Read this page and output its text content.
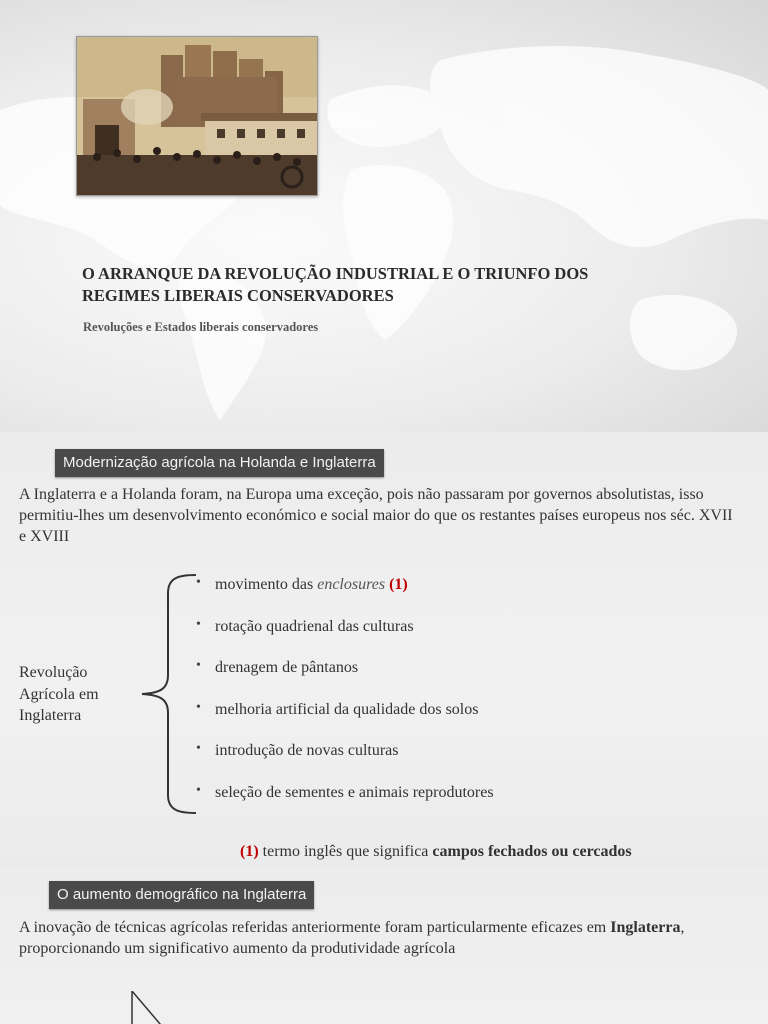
O ARRANQUE DA REVOLUÇÃO INDUSTRIAL E O TRIUNFO DOS
REGIMES LIBERAIS CONSERVADORES
Revoluções e Estados liberais conservadores
Modernização agrícola na Holanda e Inglaterra

A Inglaterra e a Holanda foram, na Europa uma exceção, pois não passaram por governos absolutistas, isso permitiu-lhes um desenvolvimento económico e social maior do que os restantes países europeus nos séc. XVII e XVIII

Revolução
Agrícola em
Inglaterra
• movimento das enclosures (1)
• rotação quadrienal das culturas
• drenagem de pântanos
• melhoria artificial da qualidade dos solos
• introdução de novas culturas
• seleção de sementes e animais reprodutores
(1) termo inglês que significa campos fechados ou cercados
O aumento demográfico na Inglaterra

A inovação de técnicas agrícolas referidas anteriormente foram particularmente eficazes em Inglaterra, proporcionando um significativo aumento da produtividade agrícola
